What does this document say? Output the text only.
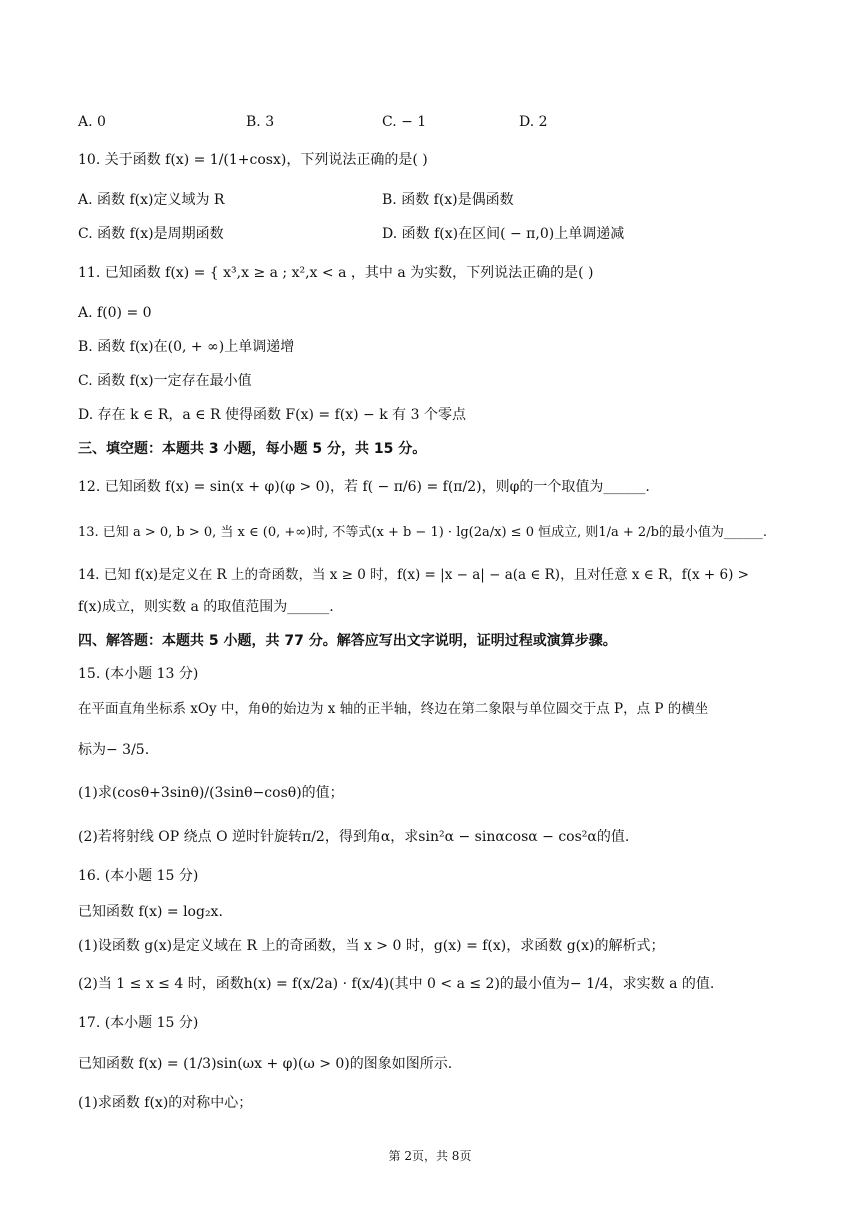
A. 0	B. 3	C. − 1	D. 2
10. 关于函数 f(x) = 1/(1+cosx)，下列说法正确的是( )
A. 函数 f(x)定义域为 R	B. 函数 f(x)是偶函数
C. 函数 f(x)是周期函数	D. 函数 f(x)在区间( − π,0)上单调递减
11. 已知函数 f(x) = { x³,x ≥ a ; x²,x < a ，其中 a 为实数，下列说法正确的是( )
A. f(0) = 0
B. 函数 f(x)在(0, + ∞)上单调递增
C. 函数 f(x)一定存在最小值
D. 存在 k ∈ R，a ∈ R 使得函数 F(x) = f(x) − k 有 3 个零点
三、填空题：本题共 3 小题，每小题 5 分，共 15 分。
12. 已知函数 f(x) = sin(x + φ)(φ > 0)，若 f( − π/6) = f(π/2)，则φ的一个取值为______.
13. 已知 a > 0, b > 0, 当 x ∈ (0, +∞)时, 不等式(x + b − 1) · lg(2a/x) ≤ 0 恒成立, 则1/a + 2/b的最小值为______.
14. 已知 f(x)是定义在 R 上的奇函数，当 x ≥ 0 时，f(x) = |x − a| − a(a ∈ R)，且对任意 x ∈ R，f(x + 6) >
f(x)成立，则实数 a 的取值范围为______.
四、解答题：本题共 5 小题，共 77 分。解答应写出文字说明，证明过程或演算步骤。
15. (本小题 13 分)
在平面直角坐标系 xOy 中，角θ的始边为 x 轴的正半轴，终边在第二象限与单位圆交于点 P，点 P 的横坐
标为− 3/5.
(1)求(cosθ+3sinθ)/(3sinθ−cosθ)的值；
(2)若将射线 OP 绕点 O 逆时针旋转π/2，得到角α，求sin²α − sinαcosα − cos²α的值.
16. (本小题 15 分)
已知函数 f(x) = log₂x.
(1)设函数 g(x)是定义域在 R 上的奇函数，当 x > 0 时，g(x) = f(x)，求函数 g(x)的解析式；
(2)当 1 ≤ x ≤ 4 时，函数h(x) = f(x/2a) · f(x/4)(其中 0 < a ≤ 2)的最小值为− 1/4，求实数 a 的值.
17. (本小题 15 分)
已知函数 f(x) = (1/3)sin(ωx + φ)(ω > 0)的图象如图所示.
(1)求函数 f(x)的对称中心；
第 2页，共 8页
